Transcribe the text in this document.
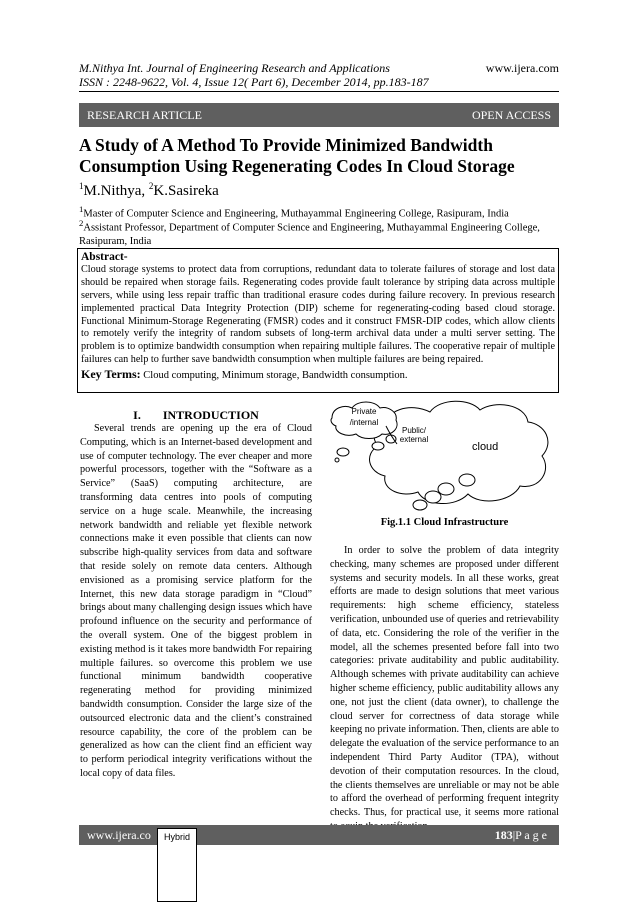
M.Nithya Int. Journal of Engineering Research and Applications
ISSN : 2248-9622, Vol. 4, Issue 12( Part 6), December 2014, pp.183-187
www.ijera.com
RESEARCH ARTICLE	OPEN ACCESS
A Study of A Method To Provide Minimized Bandwidth Consumption Using Regenerating Codes In Cloud Storage
$^1$M.Nithya, $^2$K.Sasireka
$^1$Master of Computer Science and Engineering, Muthayammal Engineering College, Rasipuram, India
$^2$Assistant Professor, Department of Computer Science and Engineering, Muthayammal Engineering College, Rasipuram, India
Abstract-
Cloud storage systems to protect data from corruptions, redundant data to tolerate failures of storage and lost data should be repaired when storage fails. Regenerating codes provide fault tolerance by striping data across multiple servers, while using less repair traffic than traditional erasure codes during failure recovery. In previous research implemented practical Data Integrity Protection (DIP) scheme for regenerating-coding based cloud storage. Functional Minimum-Storage Regenerating (FMSR) codes and it construct FMSR-DIP codes, which allow clients to remotely verify the integrity of random subsets of long-term archival data under a multi server setting. The problem is to optimize bandwidth consumption when repairing multiple failures. The cooperative repair of multiple failures can help to further save bandwidth consumption when multiple failures are being repaired.
Key Terms: Cloud computing, Minimum storage, Bandwidth consumption.
I. INTRODUCTION

Several trends are opening up the era of Cloud Computing, which is an Internet-based development and use of computer technology. The ever cheaper and more powerful processors, together with the “Software as a Service” (SaaS) computing architecture, are transforming data centres into pools of computing service on a huge scale. Meanwhile, the increasing network bandwidth and reliable yet flexible network connections make it even possible that clients can now subscribe high-quality services from data and software that reside solely on remote data centers. Although envisioned as a promising service platform for the Internet, this new data storage paradigm in “Cloud” brings about many challenging design issues which have profound influence on the security and performance of the overall system. One of the biggest problem in existing method is it takes more bandwidth For repairing multiple failures. so overcome this problem we use functional minimum bandwidth cooperative regenerating method for providing minimized bandwidth consumption. Consider the large size of the outsourced electronic data and the client’s constrained resource capability, the core of the problem can be generalized as how can the client find an efficient way to perform periodical integrity verifications without the local copy of data files.

Private
/internal
Public/
external
cloud
Fig.1.1 Cloud Infrastructure

In order to solve the problem of data integrity checking, many schemes are proposed under different systems and security models. In all these works, great efforts are made to design solutions that meet various requirements: high scheme efficiency, stateless verification, unbounded use of queries and retrievability of data, etc. Considering the role of the verifier in the model, all the schemes presented before fall into two categories: private auditability and public auditability. Although schemes with private auditability can achieve higher scheme efficiency, public auditability allows any one, not just the client (data owner), to challenge the cloud server for correctness of data storage while keeping no private information. Then, clients are able to delegate the evaluation of the service performance to an independent Third Party Auditor (TPA), without devotion of their computation resources. In the cloud, the clients themselves are unreliable or may not be able to afford the overhead of performing frequent integrity checks. Thus, for practical use, it seems more rational

www.ijera.co	183|P a g e
Hybrid
